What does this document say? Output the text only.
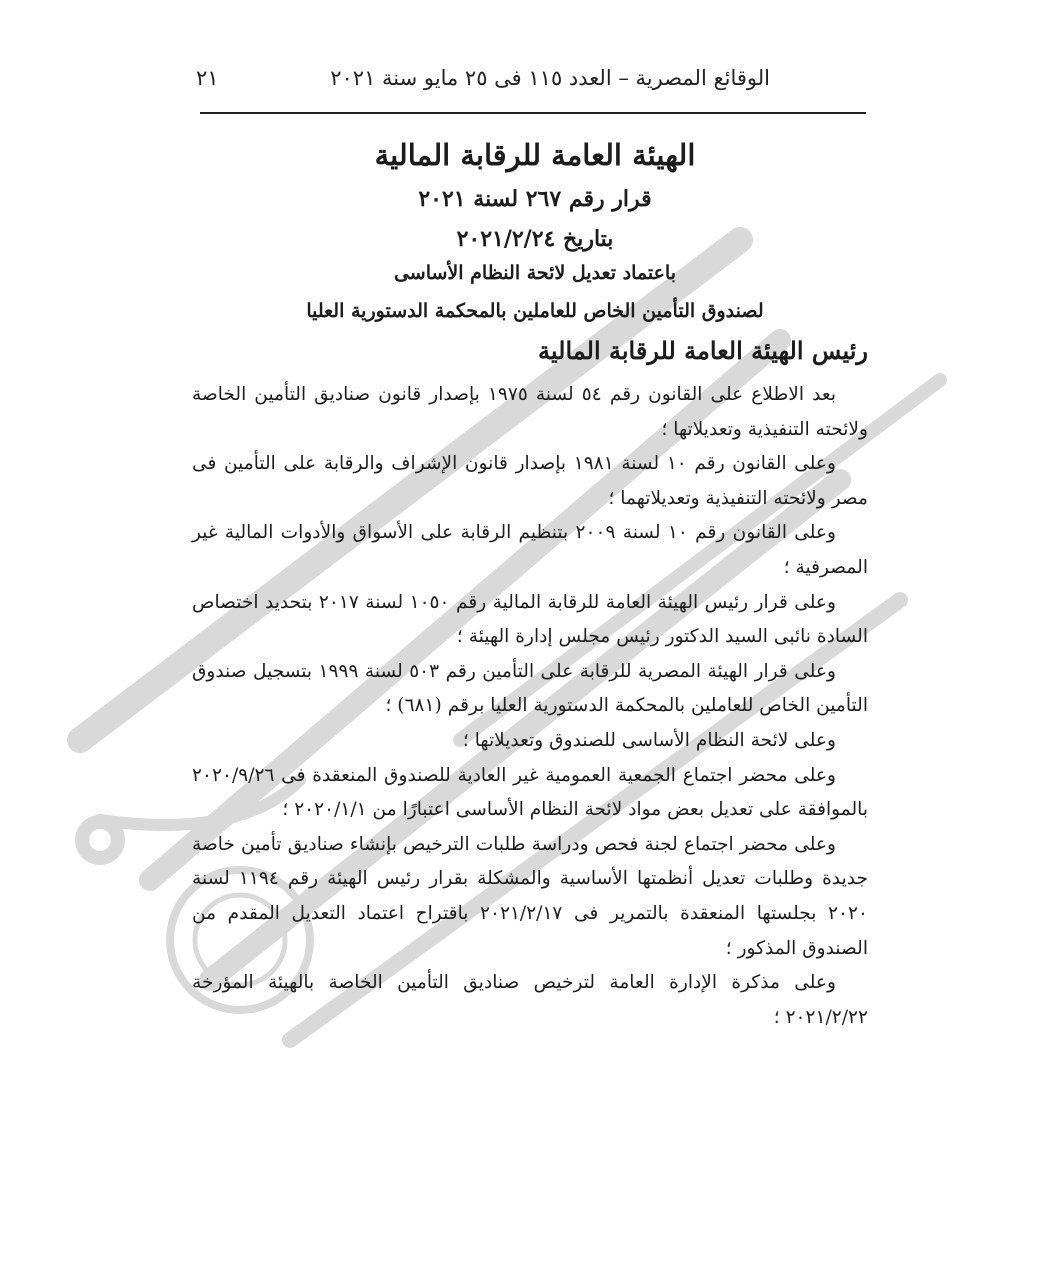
الوقائع المصرية – العدد ١١٥ فى ٢٥ مايو سنة ٢٠٢١
٢١
الهيئة العامة للرقابة المالية
قرار رقم ٢٦٧ لسنة ٢٠٢١
بتاريخ ٢٠٢١/٢/٢٤
باعتماد تعديل لائحة النظام الأساسى
لصندوق التأمين الخاص للعاملين بالمحكمة الدستورية العليا
رئيس الهيئة العامة للرقابة المالية

بعد الاطلاع على القانون رقم ٥٤ لسنة ١٩٧٥ بإصدار قانون صناديق التأمين الخاصة ولائحته التنفيذية وتعديلاتها ؛

وعلى القانون رقم ١٠ لسنة ١٩٨١ بإصدار قانون الإشراف والرقابة على التأمين فى مصر ولائحته التنفيذية وتعديلاتهما ؛

وعلى القانون رقم ١٠ لسنة ٢٠٠٩ بتنظيم الرقابة على الأسواق والأدوات المالية غير المصرفية ؛

وعلى قرار رئيس الهيئة العامة للرقابة المالية رقم ١٠٥٠ لسنة ٢٠١٧ بتحديد اختصاص السادة نائبى السيد الدكتور رئيس مجلس إدارة الهيئة ؛

وعلى قرار الهيئة المصرية للرقابة على التأمين رقم ٥٠٣ لسنة ١٩٩٩ بتسجيل صندوق التأمين الخاص للعاملين بالمحكمة الدستورية العليا برقم (٦٨١) ؛

وعلى لائحة النظام الأساسى للصندوق وتعديلاتها ؛

وعلى محضر اجتماع الجمعية العمومية غير العادية للصندوق المنعقدة فى ٢٠٢٠/٩/٢٦ بالموافقة على تعديل بعض مواد لائحة النظام الأساسى اعتبارًا من ٢٠٢٠/١/١ ؛

وعلى محضر اجتماع لجنة فحص ودراسة طلبات الترخيص بإنشاء صناديق تأمين خاصة جديدة وطلبات تعديل أنظمتها الأساسية والمشكلة بقرار رئيس الهيئة رقم ١١٩٤ لسنة ٢٠٢٠ بجلستها المنعقدة بالتمرير فى ٢٠٢١/٢/١٧ باقتراح اعتماد التعديل المقدم من الصندوق المذكور ؛

وعلى مذكرة الإدارة العامة لترخيص صناديق التأمين الخاصة بالهيئة المؤرخة ٢٠٢١/٢/٢٢ ؛
